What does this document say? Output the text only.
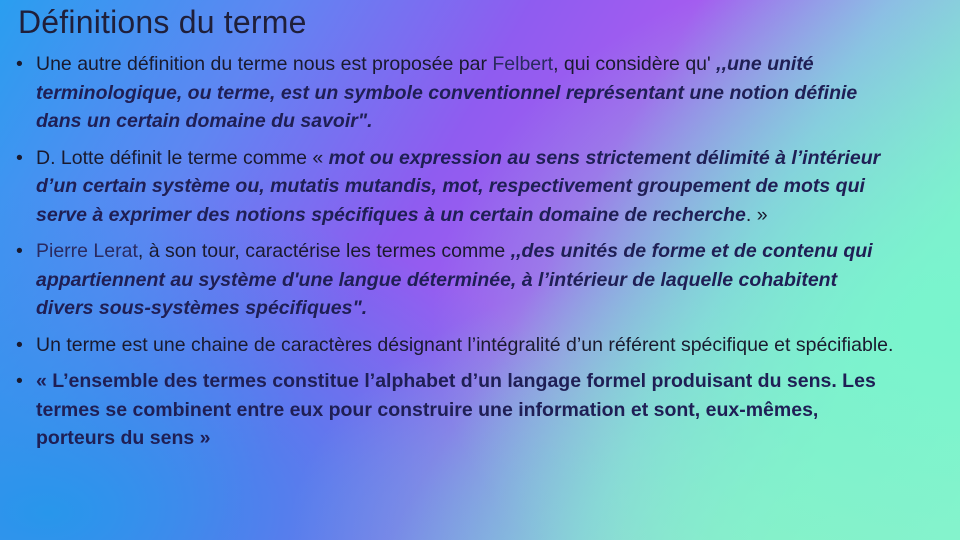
Définitions du terme
• Une autre définition du terme nous est proposée par Felbert, qui considère qu' ,,une unité terminologique, ou terme, est un symbole conventionnel représentant une notion définie dans un certain domaine du savoir".
• D. Lotte définit le terme comme « mot ou expression au sens strictement délimité à l’intérieur d’un certain système ou, mutatis mutandis, mot, respectivement groupement de mots qui serve à exprimer des notions spécifiques à un certain domaine de recherche. »
• Pierre Lerat, à son tour, caractérise les termes comme ,,des unités de forme et de contenu qui appartiennent au système d'une langue déterminée, à l’intérieur de laquelle cohabitent divers sous-systèmes spécifiques".
• Un terme est une chaine de caractères désignant l’intégralité d’un référent spécifique et spécifiable.
• « L’ensemble des termes constitue l’alphabet d’un langage formel produisant du sens. Les termes se combinent entre eux pour construire une information et sont, eux-mêmes, porteurs du sens »
